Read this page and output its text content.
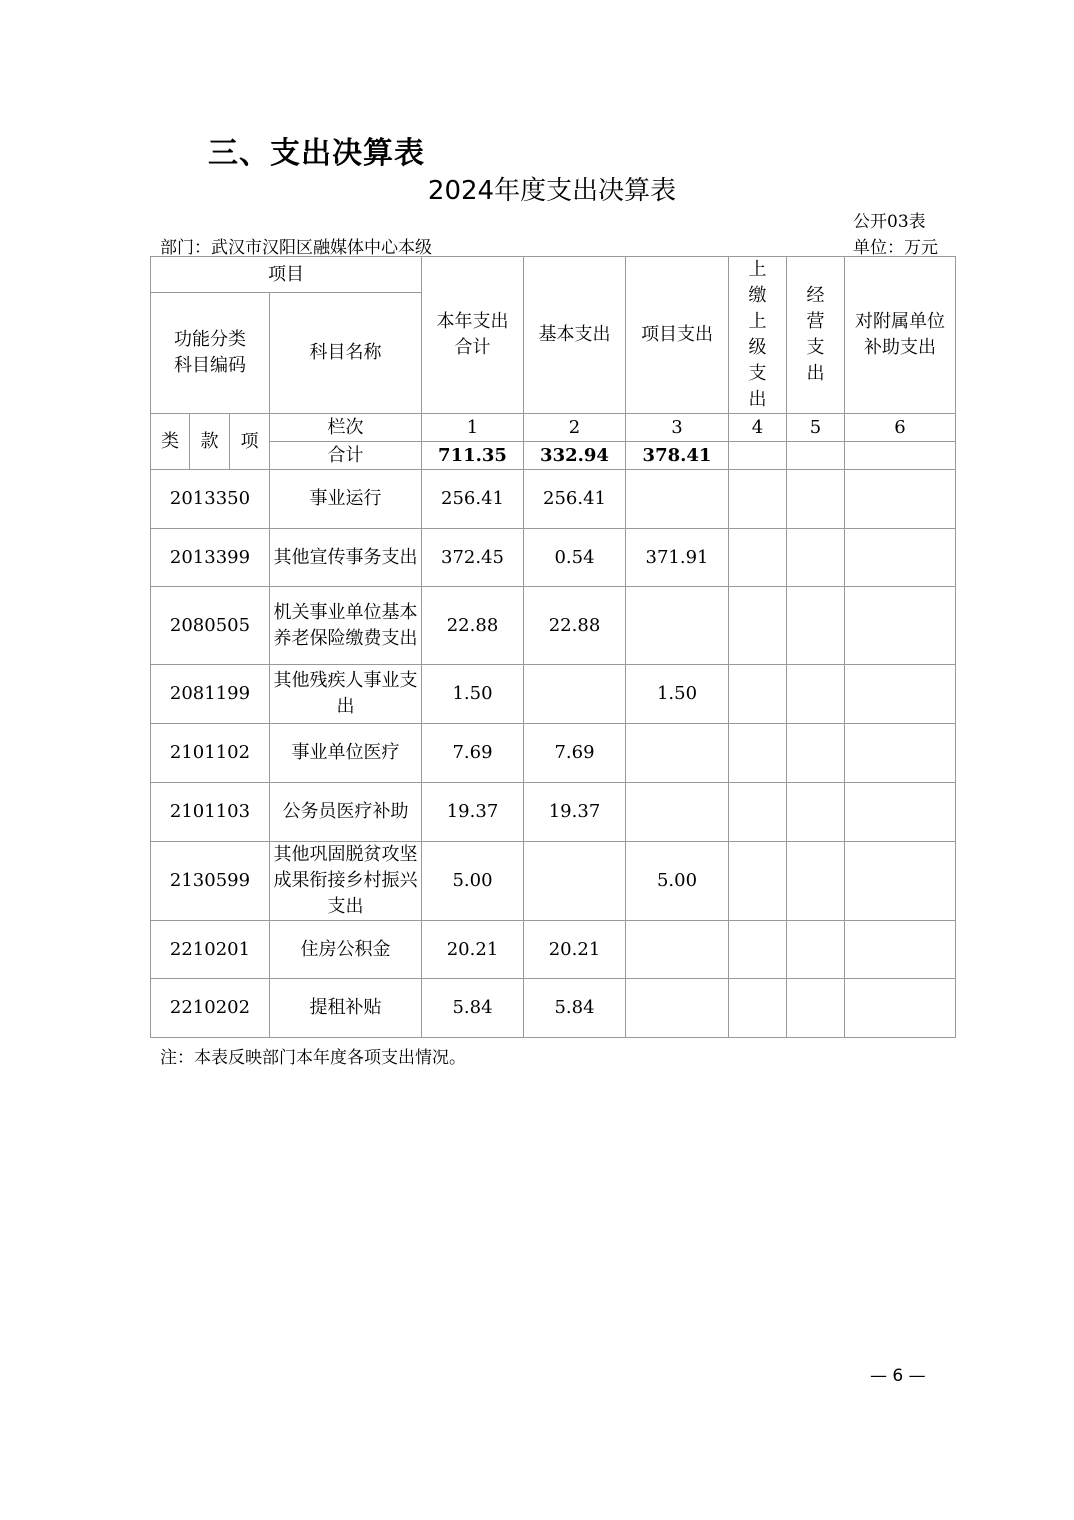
三、支出决算表
2024年度支出决算表
公开03表
部门：武汉市汉阳区融媒体中心本级	单位：万元
项目				本年支出合计	基本支出	项目支出	上缴上级支出	经营支出	对附属单位补助支出

功能分类科目编码			科目名称						
类	款	项	栏次	1	2	3	4	5	6
			合计	711.35	332.94	378.41			
2013350			事业运行	256.41	256.41				
2013399			其他宣传事务支出	372.45	0.54	371.91			
2080505			机关事业单位基本养老保险缴费支出	22.88	22.88				
2081199			其他残疾人事业支出	1.50		1.50			
2101102			事业单位医疗	7.69	7.69				
2101103			公务员医疗补助	19.37	19.37				
2130599			其他巩固脱贫攻坚成果衔接乡村振兴支出	5.00		5.00			
2210201			住房公积金	20.21	20.21				
2210202			提租补贴	5.84	5.84				
注：本表反映部门本年度各项支出情况。
— 6 —
